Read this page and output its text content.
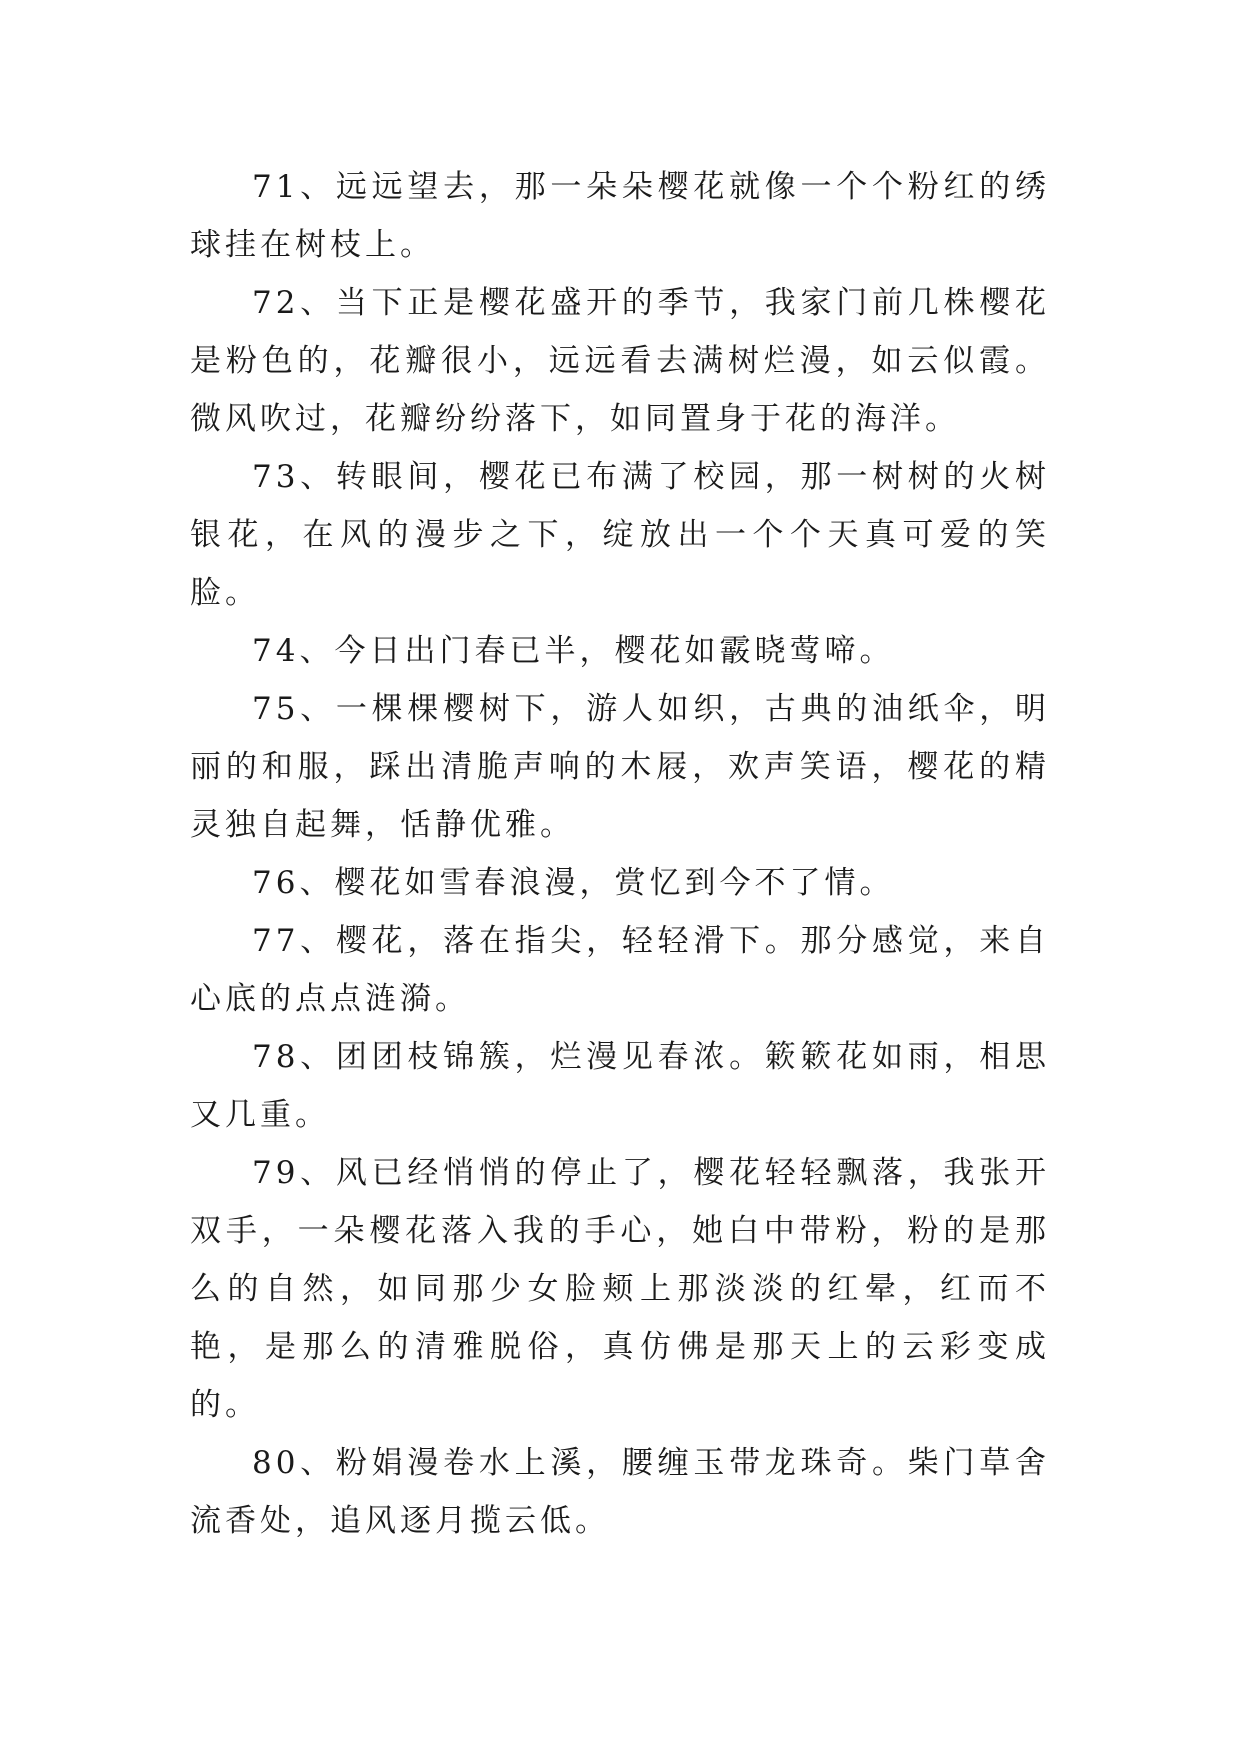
71、远远望去，那一朵朵樱花就像一个个粉红的绣球挂在树枝上。

72、当下正是樱花盛开的季节，我家门前几株樱花是粉色的，花瓣很小，远远看去满树烂漫，如云似霞。微风吹过，花瓣纷纷落下，如同置身于花的海洋。

73、转眼间，樱花已布满了校园，那一树树的火树银花，在风的漫步之下，绽放出一个个天真可爱的笑脸。

74、今日出门春已半，樱花如霰晓莺啼。

75、一棵棵樱树下，游人如织，古典的油纸伞，明丽的和服，踩出清脆声响的木屐，欢声笑语，樱花的精灵独自起舞，恬静优雅。

76、樱花如雪春浪漫，赏忆到今不了情。

77、樱花，落在指尖，轻轻滑下。那分感觉，来自心底的点点涟漪。

78、团团枝锦簇，烂漫见春浓。簌簌花如雨，相思又几重。

79、风已经悄悄的停止了，樱花轻轻飘落，我张开双手，一朵樱花落入我的手心，她白中带粉，粉的是那么的自然，如同那少女脸颊上那淡淡的红晕，红而不艳，是那么的清雅脱俗，真仿佛是那天上的云彩变成的。

80、粉娟漫卷水上溪，腰缠玉带龙珠奇。柴门草舍流香处，追风逐月揽云低。
